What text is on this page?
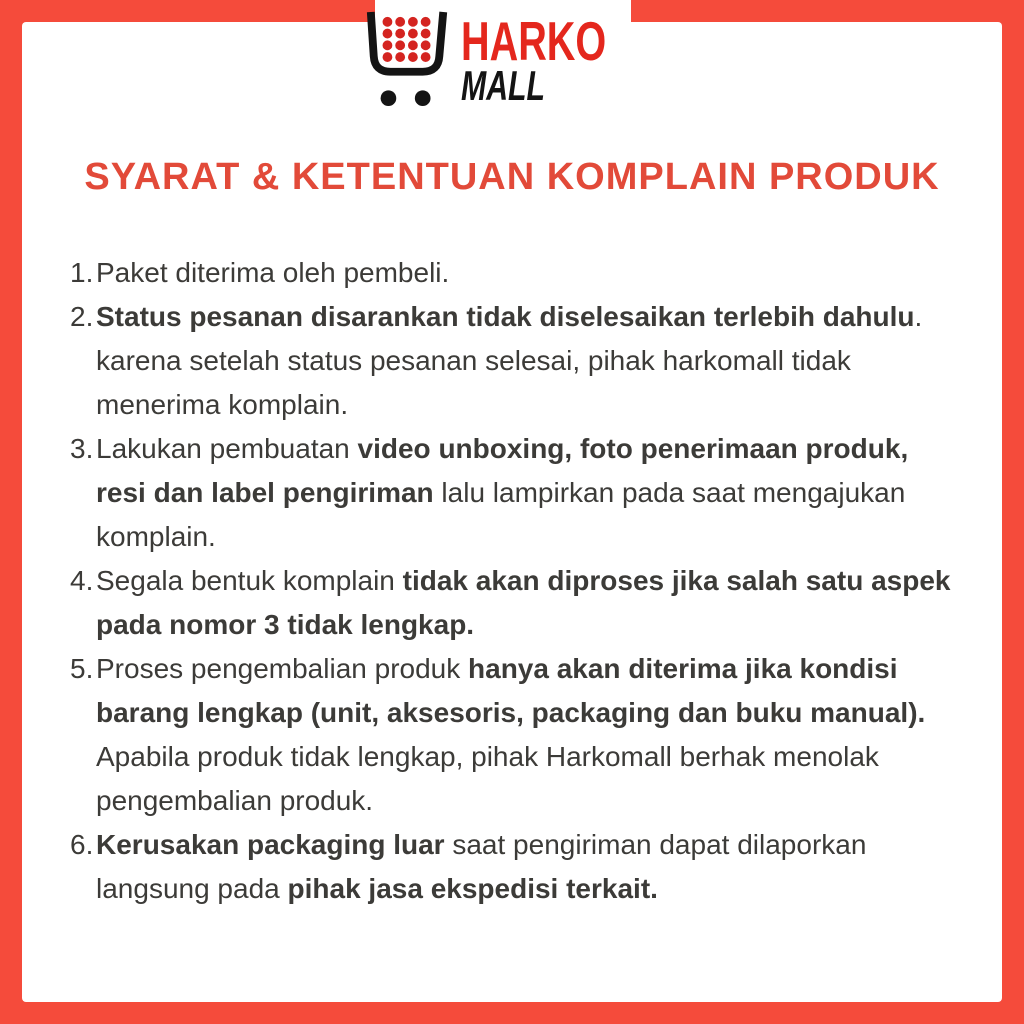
HARKO
MALL
SYARAT & KETENTUAN KOMPLAIN PRODUK
1. Paket diterima oleh pembeli.
2. Status pesanan disarankan tidak diselesaikan terlebih dahulu. karena setelah status pesanan selesai, pihak harkomall tidak menerima komplain.
3. Lakukan pembuatan video unboxing, foto penerimaan produk, resi dan label pengiriman lalu lampirkan pada saat mengajukan komplain.
4. Segala bentuk komplain tidak akan diproses jika salah satu aspek pada nomor 3 tidak lengkap.
5. Proses pengembalian produk hanya akan diterima jika kondisi barang lengkap (unit, aksesoris, packaging dan buku manual). Apabila produk tidak lengkap, pihak Harkomall berhak menolak pengembalian produk.
6. Kerusakan packaging luar saat pengiriman dapat dilaporkan langsung pada pihak jasa ekspedisi terkait.
